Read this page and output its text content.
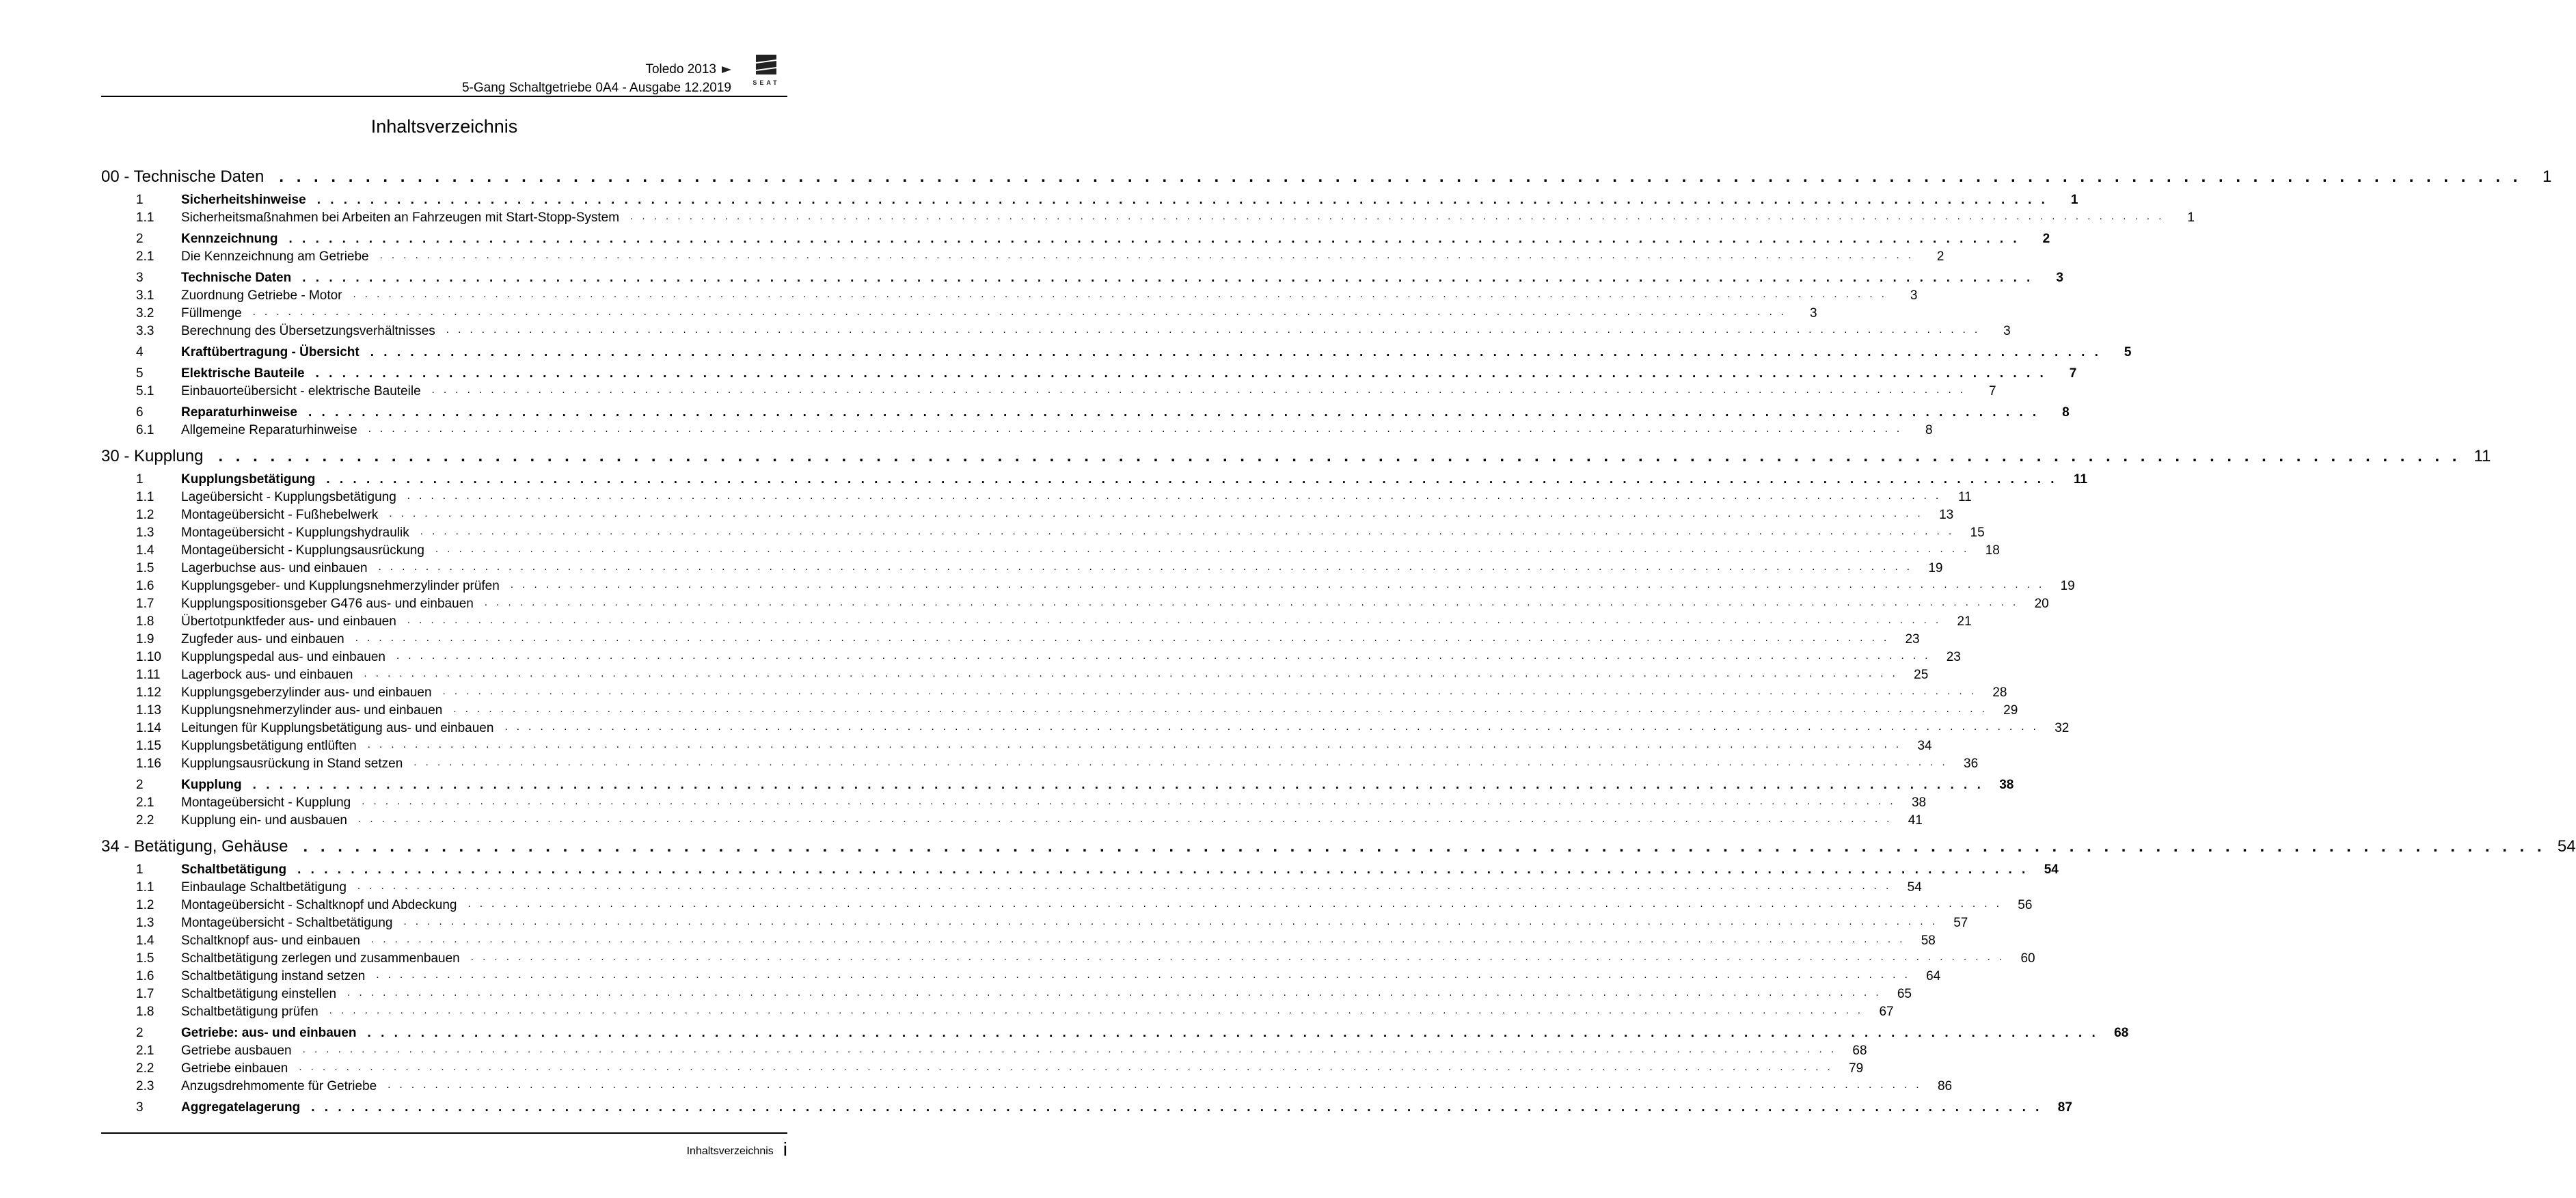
Toledo 2013
5-Gang Schaltgetriebe 0A4 - Ausgabe 12.2019	SEAT
Inhaltsverzeichnis
00 - Technische Daten . . . . . . . . . . . . . . . . . . . . . . . . . . . . . . . . . . . . . . . . . . . . . . . . . . . . . . . . . . . . . . . . . . . . . . . . . . . . . . . . . . . . . . . . . . . . . . . . . . . . . . . . . . . . . . . . . . . . . . . . . . . . . . . . . .	1
1	Sicherheitshinweise . . . . . . . . . . . . . . . . . . . . . . . . . . . . . . . . . . . . . . . . . . . . . . . . . . . . . . . . . . . . . . . . . . . . . . . . . . . . . . . . . . . . . . . . . . . . . . . . . . . . . . . . . . . . . . . . . . . . . . . . . . . . . . . . . .	1
1.1	Sicherheitsmaßnahmen bei Arbeiten an Fahrzeugen mit Start-Stopp-System	. . . . . . . . . . . . . . . . . . . . . . . . . . . . . . . . . . . . . . . . . . . . . . . . . . . . . . . . . . . . . . . . . . . . . . . . . . . . . . . . . . . . . . . . . . . . . . . . . . . . . . . . . . . . . . . . . . . . . . . . . . . . . . . . . .	1
2	Kennzeichnung . . . . . . . . . . . . . . . . . . . . . . . . . . . . . . . . . . . . . . . . . . . . . . . . . . . . . . . . . . . . . . . . . . . . . . . . . . . . . . . . . . . . . . . . . . . . . . . . . . . . . . . . . . . . . . . . . . . . . . . . . . . . . . . . . .	2
2.1	Die Kennzeichnung am Getriebe	. . . . . . . . . . . . . . . . . . . . . . . . . . . . . . . . . . . . . . . . . . . . . . . . . . . . . . . . . . . . . . . . . . . . . . . . . . . . . . . . . . . . . . . . . . . . . . . . . . . . . . . . . . . . . . . . . . . . . . . . . . . . . . . . . .	2
3	Technische Daten . . . . . . . . . . . . . . . . . . . . . . . . . . . . . . . . . . . . . . . . . . . . . . . . . . . . . . . . . . . . . . . . . . . . . . . . . . . . . . . . . . . . . . . . . . . . . . . . . . . . . . . . . . . . . . . . . . . . . . . . . . . . . . . . . .	3
3.1	Zuordnung Getriebe - Motor	. . . . . . . . . . . . . . . . . . . . . . . . . . . . . . . . . . . . . . . . . . . . . . . . . . . . . . . . . . . . . . . . . . . . . . . . . . . . . . . . . . . . . . . . . . . . . . . . . . . . . . . . . . . . . . . . . . . . . . . . . . . . . . . . . .	3
3.2	Füllmenge	. . . . . . . . . . . . . . . . . . . . . . . . . . . . . . . . . . . . . . . . . . . . . . . . . . . . . . . . . . . . . . . . . . . . . . . . . . . . . . . . . . . . . . . . . . . . . . . . . . . . . . . . . . . . . . . . . . . . . . . . . . . . . . . . . .	3
3.3	Berechnung des Übersetzungsverhältnisses	. . . . . . . . . . . . . . . . . . . . . . . . . . . . . . . . . . . . . . . . . . . . . . . . . . . . . . . . . . . . . . . . . . . . . . . . . . . . . . . . . . . . . . . . . . . . . . . . . . . . . . . . . . . . . . . . . . . . . . . . . . . . . . . . . .	3
4	Kraftübertragung - Übersicht . . . . . . . . . . . . . . . . . . . . . . . . . . . . . . . . . . . . . . . . . . . . . . . . . . . . . . . . . . . . . . . . . . . . . . . . . . . . . . . . . . . . . . . . . . . . . . . . . . . . . . . . . . . . . . . . . . . . . . . . . . . . . . . . . .	5
5	Elektrische Bauteile . . . . . . . . . . . . . . . . . . . . . . . . . . . . . . . . . . . . . . . . . . . . . . . . . . . . . . . . . . . . . . . . . . . . . . . . . . . . . . . . . . . . . . . . . . . . . . . . . . . . . . . . . . . . . . . . . . . . . . . . . . . . . . . . . .	7
5.1	Einbauorteübersicht - elektrische Bauteile	. . . . . . . . . . . . . . . . . . . . . . . . . . . . . . . . . . . . . . . . . . . . . . . . . . . . . . . . . . . . . . . . . . . . . . . . . . . . . . . . . . . . . . . . . . . . . . . . . . . . . . . . . . . . . . . . . . . . . . . . . . . . . . . . . .	7
6	Reparaturhinweise . . . . . . . . . . . . . . . . . . . . . . . . . . . . . . . . . . . . . . . . . . . . . . . . . . . . . . . . . . . . . . . . . . . . . . . . . . . . . . . . . . . . . . . . . . . . . . . . . . . . . . . . . . . . . . . . . . . . . . . . . . . . . . . . . .	8
6.1	Allgemeine Reparaturhinweise	. . . . . . . . . . . . . . . . . . . . . . . . . . . . . . . . . . . . . . . . . . . . . . . . . . . . . . . . . . . . . . . . . . . . . . . . . . . . . . . . . . . . . . . . . . . . . . . . . . . . . . . . . . . . . . . . . . . . . . . . . . . . . . . . . .	8
30 - Kupplung . . . . . . . . . . . . . . . . . . . . . . . . . . . . . . . . . . . . . . . . . . . . . . . . . . . . . . . . . . . . . . . . . . . . . . . . . . . . . . . . . . . . . . . . . . . . . . . . . . . . . . . . . . . . . . . . . . . . . . . . . . . . . . . . . . 11
1	Kupplungsbetätigung . . . . . . . . . . . . . . . . . . . . . . . . . . . . . . . . . . . . . . . . . . . . . . . . . . . . . . . . . . . . . . . . . . . . . . . . . . . . . . . . . . . . . . . . . . . . . . . . . . . . . . . . . . . . . . . . . . . . . . . . . . . . . . . . . .	11
1.1	Lageübersicht - Kupplungsbetätigung	. . . . . . . . . . . . . . . . . . . . . . . . . . . . . . . . . . . . . . . . . . . . . . . . . . . . . . . . . . . . . . . . . . . . . . . . . . . . . . . . . . . . . . . . . . . . . . . . . . . . . . . . . . . . . . . . . . . . . . . . . . . . . . . . . .	11
1.2	Montageübersicht - Fußhebelwerk	. . . . . . . . . . . . . . . . . . . . . . . . . . . . . . . . . . . . . . . . . . . . . . . . . . . . . . . . . . . . . . . . . . . . . . . . . . . . . . . . . . . . . . . . . . . . . . . . . . . . . . . . . . . . . . . . . . . . . . . . . . . . . . . . . .	13
1.3	Montageübersicht - Kupplungshydraulik	. . . . . . . . . . . . . . . . . . . . . . . . . . . . . . . . . . . . . . . . . . . . . . . . . . . . . . . . . . . . . . . . . . . . . . . . . . . . . . . . . . . . . . . . . . . . . . . . . . . . . . . . . . . . . . . . . . . . . . . . . . . . . . . . . .	15
1.4	Montageübersicht - Kupplungsausrückung	. . . . . . . . . . . . . . . . . . . . . . . . . . . . . . . . . . . . . . . . . . . . . . . . . . . . . . . . . . . . . . . . . . . . . . . . . . . . . . . . . . . . . . . . . . . . . . . . . . . . . . . . . . . . . . . . . . . . . . . . . . . . . . . . . .	18
1.5	Lagerbuchse aus- und einbauen	. . . . . . . . . . . . . . . . . . . . . . . . . . . . . . . . . . . . . . . . . . . . . . . . . . . . . . . . . . . . . . . . . . . . . . . . . . . . . . . . . . . . . . . . . . . . . . . . . . . . . . . . . . . . . . . . . . . . . . . . . . . . . . . . . .	19
1.6	Kupplungsgeber- und Kupplungsnehmerzylinder prüfen	. . . . . . . . . . . . . . . . . . . . . . . . . . . . . . . . . . . . . . . . . . . . . . . . . . . . . . . . . . . . . . . . . . . . . . . . . . . . . . . . . . . . . . . . . . . . . . . . . . . . . . . . . . . . . . . . . . . . . . . . . . . . . . . . . .	19
1.7	Kupplungspositionsgeber G476 aus- und einbauen	. . . . . . . . . . . . . . . . . . . . . . . . . . . . . . . . . . . . . . . . . . . . . . . . . . . . . . . . . . . . . . . . . . . . . . . . . . . . . . . . . . . . . . . . . . . . . . . . . . . . . . . . . . . . . . . . . . . . . . . . . . . . . . . . . .	20
1.8	Übertotpunktfeder aus- und einbauen	. . . . . . . . . . . . . . . . . . . . . . . . . . . . . . . . . . . . . . . . . . . . . . . . . . . . . . . . . . . . . . . . . . . . . . . . . . . . . . . . . . . . . . . . . . . . . . . . . . . . . . . . . . . . . . . . . . . . . . . . . . . . . . . . . .	21
1.9	Zugfeder aus- und einbauen	. . . . . . . . . . . . . . . . . . . . . . . . . . . . . . . . . . . . . . . . . . . . . . . . . . . . . . . . . . . . . . . . . . . . . . . . . . . . . . . . . . . . . . . . . . . . . . . . . . . . . . . . . . . . . . . . . . . . . . . . . . . . . . . . . .	23
1.10	Kupplungspedal aus- und einbauen	. . . . . . . . . . . . . . . . . . . . . . . . . . . . . . . . . . . . . . . . . . . . . . . . . . . . . . . . . . . . . . . . . . . . . . . . . . . . . . . . . . . . . . . . . . . . . . . . . . . . . . . . . . . . . . . . . . . . . . . . . . . . . . . . . .	23
1.11	Lagerbock aus- und einbauen	. . . . . . . . . . . . . . . . . . . . . . . . . . . . . . . . . . . . . . . . . . . . . . . . . . . . . . . . . . . . . . . . . . . . . . . . . . . . . . . . . . . . . . . . . . . . . . . . . . . . . . . . . . . . . . . . . . . . . . . . . . . . . . . . . .	25
1.12	Kupplungsgeberzylinder aus- und einbauen	. . . . . . . . . . . . . . . . . . . . . . . . . . . . . . . . . . . . . . . . . . . . . . . . . . . . . . . . . . . . . . . . . . . . . . . . . . . . . . . . . . . . . . . . . . . . . . . . . . . . . . . . . . . . . . . . . . . . . . . . . . . . . . . . . .	28
1.13	Kupplungsnehmerzylinder aus- und einbauen	. . . . . . . . . . . . . . . . . . . . . . . . . . . . . . . . . . . . . . . . . . . . . . . . . . . . . . . . . . . . . . . . . . . . . . . . . . . . . . . . . . . . . . . . . . . . . . . . . . . . . . . . . . . . . . . . . . . . . . . . . . . . . . . . . .	29
1.14	Leitungen für Kupplungsbetätigung aus- und einbauen	. . . . . . . . . . . . . . . . . . . . . . . . . . . . . . . . . . . . . . . . . . . . . . . . . . . . . . . . . . . . . . . . . . . . . . . . . . . . . . . . . . . . . . . . . . . . . . . . . . . . . . . . . . . . . . . . . . . . . . . . . . . . . . . . . .	32
1.15	Kupplungsbetätigung entlüften	. . . . . . . . . . . . . . . . . . . . . . . . . . . . . . . . . . . . . . . . . . . . . . . . . . . . . . . . . . . . . . . . . . . . . . . . . . . . . . . . . . . . . . . . . . . . . . . . . . . . . . . . . . . . . . . . . . . . . . . . . . . . . . . . . .	34
1.16	Kupplungsausrückung in Stand setzen	. . . . . . . . . . . . . . . . . . . . . . . . . . . . . . . . . . . . . . . . . . . . . . . . . . . . . . . . . . . . . . . . . . . . . . . . . . . . . . . . . . . . . . . . . . . . . . . . . . . . . . . . . . . . . . . . . . . . . . . . . . . . . . . . . .	36
2	Kupplung . . . . . . . . . . . . . . . . . . . . . . . . . . . . . . . . . . . . . . . . . . . . . . . . . . . . . . . . . . . . . . . . . . . . . . . . . . . . . . . . . . . . . . . . . . . . . . . . . . . . . . . . . . . . . . . . . . . . . . . . . . . . . . . . . .	38
2.1	Montageübersicht - Kupplung	. . . . . . . . . . . . . . . . . . . . . . . . . . . . . . . . . . . . . . . . . . . . . . . . . . . . . . . . . . . . . . . . . . . . . . . . . . . . . . . . . . . . . . . . . . . . . . . . . . . . . . . . . . . . . . . . . . . . . . . . . . . . . . . . . .	38
2.2	Kupplung ein- und ausbauen	. . . . . . . . . . . . . . . . . . . . . . . . . . . . . . . . . . . . . . . . . . . . . . . . . . . . . . . . . . . . . . . . . . . . . . . . . . . . . . . . . . . . . . . . . . . . . . . . . . . . . . . . . . . . . . . . . . . . . . . . . . . . . . . . . .	41
34 - Betätigung, Gehäuse . . . . . . . . . . . . . . . . . . . . . . . . . . . . . . . . . . . . . . . . . . . . . . . . . . . . . . . . . . . . . . . . . . . . . . . . . . . . . . . . . . . . . . . . . . . . . . . . . . . . . . . . . . . . . . . . . . . . . . . . . . . . . . . . . . 54
1	Schaltbetätigung . . . . . . . . . . . . . . . . . . . . . . . . . . . . . . . . . . . . . . . . . . . . . . . . . . . . . . . . . . . . . . . . . . . . . . . . . . . . . . . . . . . . . . . . . . . . . . . . . . . . . . . . . . . . . . . . . . . . . . . . . . . . . . . . . .	54
1.1	Einbaulage Schaltbetätigung	. . . . . . . . . . . . . . . . . . . . . . . . . . . . . . . . . . . . . . . . . . . . . . . . . . . . . . . . . . . . . . . . . . . . . . . . . . . . . . . . . . . . . . . . . . . . . . . . . . . . . . . . . . . . . . . . . . . . . . . . . . . . . . . . . .	54
1.2	Montageübersicht - Schaltknopf und Abdeckung	. . . . . . . . . . . . . . . . . . . . . . . . . . . . . . . . . . . . . . . . . . . . . . . . . . . . . . . . . . . . . . . . . . . . . . . . . . . . . . . . . . . . . . . . . . . . . . . . . . . . . . . . . . . . . . . . . . . . . . . . . . . . . . . . . .	56
1.3	Montageübersicht - Schaltbetätigung	. . . . . . . . . . . . . . . . . . . . . . . . . . . . . . . . . . . . . . . . . . . . . . . . . . . . . . . . . . . . . . . . . . . . . . . . . . . . . . . . . . . . . . . . . . . . . . . . . . . . . . . . . . . . . . . . . . . . . . . . . . . . . . . . . .	57
1.4	Schaltknopf aus- und einbauen	. . . . . . . . . . . . . . . . . . . . . . . . . . . . . . . . . . . . . . . . . . . . . . . . . . . . . . . . . . . . . . . . . . . . . . . . . . . . . . . . . . . . . . . . . . . . . . . . . . . . . . . . . . . . . . . . . . . . . . . . . . . . . . . . . .	58
1.5	Schaltbetätigung zerlegen und zusammenbauen	. . . . . . . . . . . . . . . . . . . . . . . . . . . . . . . . . . . . . . . . . . . . . . . . . . . . . . . . . . . . . . . . . . . . . . . . . . . . . . . . . . . . . . . . . . . . . . . . . . . . . . . . . . . . . . . . . . . . . . . . . . . . . . . . . .	60
1.6	Schaltbetätigung instand setzen	. . . . . . . . . . . . . . . . . . . . . . . . . . . . . . . . . . . . . . . . . . . . . . . . . . . . . . . . . . . . . . . . . . . . . . . . . . . . . . . . . . . . . . . . . . . . . . . . . . . . . . . . . . . . . . . . . . . . . . . . . . . . . . . . . .	64
1.7	Schaltbetätigung einstellen	. . . . . . . . . . . . . . . . . . . . . . . . . . . . . . . . . . . . . . . . . . . . . . . . . . . . . . . . . . . . . . . . . . . . . . . . . . . . . . . . . . . . . . . . . . . . . . . . . . . . . . . . . . . . . . . . . . . . . . . . . . . . . . . . . .	65
1.8	Schaltbetätigung prüfen	. . . . . . . . . . . . . . . . . . . . . . . . . . . . . . . . . . . . . . . . . . . . . . . . . . . . . . . . . . . . . . . . . . . . . . . . . . . . . . . . . . . . . . . . . . . . . . . . . . . . . . . . . . . . . . . . . . . . . . . . . . . . . . . . . .	67
2	Getriebe: aus- und einbauen . . . . . . . . . . . . . . . . . . . . . . . . . . . . . . . . . . . . . . . . . . . . . . . . . . . . . . . . . . . . . . . . . . . . . . . . . . . . . . . . . . . . . . . . . . . . . . . . . . . . . . . . . . . . . . . . . . . . . . . . . . . . . . . . . .	68
2.1	Getriebe ausbauen	. . . . . . . . . . . . . . . . . . . . . . . . . . . . . . . . . . . . . . . . . . . . . . . . . . . . . . . . . . . . . . . . . . . . . . . . . . . . . . . . . . . . . . . . . . . . . . . . . . . . . . . . . . . . . . . . . . . . . . . . . . . . . . . . . .	68
2.2	Getriebe einbauen	. . . . . . . . . . . . . . . . . . . . . . . . . . . . . . . . . . . . . . . . . . . . . . . . . . . . . . . . . . . . . . . . . . . . . . . . . . . . . . . . . . . . . . . . . . . . . . . . . . . . . . . . . . . . . . . . . . . . . . . . . . . . . . . . . .	79
2.3	Anzugsdrehmomente für Getriebe	. . . . . . . . . . . . . . . . . . . . . . . . . . . . . . . . . . . . . . . . . . . . . . . . . . . . . . . . . . . . . . . . . . . . . . . . . . . . . . . . . . . . . . . . . . . . . . . . . . . . . . . . . . . . . . . . . . . . . . . . . . . . . . . . . .	86
3	Aggregatelagerung . . . . . . . . . . . . . . . . . . . . . . . . . . . . . . . . . . . . . . . . . . . . . . . . . . . . . . . . . . . . . . . . . . . . . . . . . . . . . . . . . . . . . . . . . . . . . . . . . . . . . . . . . . . . . . . . . . . . . . . . . . . . . . . . . .	87
Inhaltsverzeichnis i
